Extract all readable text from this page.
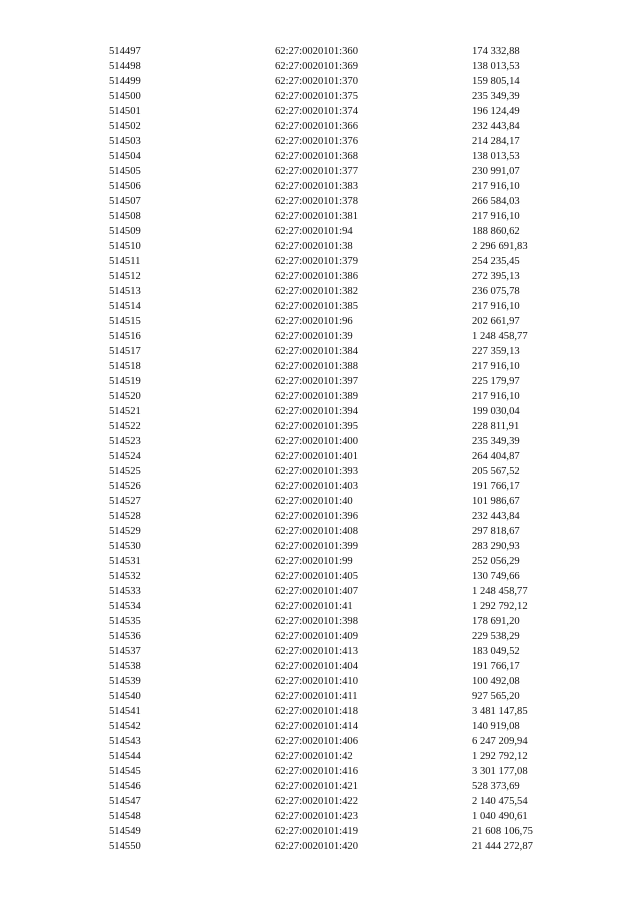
514497	62:27:0020101:360	174 332,88
514498	62:27:0020101:369	138 013,53
514499	62:27:0020101:370	159 805,14
514500	62:27:0020101:375	235 349,39
514501	62:27:0020101:374	196 124,49
514502	62:27:0020101:366	232 443,84
514503	62:27:0020101:376	214 284,17
514504	62:27:0020101:368	138 013,53
514505	62:27:0020101:377	230 991,07
514506	62:27:0020101:383	217 916,10
514507	62:27:0020101:378	266 584,03
514508	62:27:0020101:381	217 916,10
514509	62:27:0020101:94	188 860,62
514510	62:27:0020101:38	2 296 691,83
514511	62:27:0020101:379	254 235,45
514512	62:27:0020101:386	272 395,13
514513	62:27:0020101:382	236 075,78
514514	62:27:0020101:385	217 916,10
514515	62:27:0020101:96	202 661,97
514516	62:27:0020101:39	1 248 458,77
514517	62:27:0020101:384	227 359,13
514518	62:27:0020101:388	217 916,10
514519	62:27:0020101:397	225 179,97
514520	62:27:0020101:389	217 916,10
514521	62:27:0020101:394	199 030,04
514522	62:27:0020101:395	228 811,91
514523	62:27:0020101:400	235 349,39
514524	62:27:0020101:401	264 404,87
514525	62:27:0020101:393	205 567,52
514526	62:27:0020101:403	191 766,17
514527	62:27:0020101:40	101 986,67
514528	62:27:0020101:396	232 443,84
514529	62:27:0020101:408	297 818,67
514530	62:27:0020101:399	283 290,93
514531	62:27:0020101:99	252 056,29
514532	62:27:0020101:405	130 749,66
514533	62:27:0020101:407	1 248 458,77
514534	62:27:0020101:41	1 292 792,12
514535	62:27:0020101:398	178 691,20
514536	62:27:0020101:409	229 538,29
514537	62:27:0020101:413	183 049,52
514538	62:27:0020101:404	191 766,17
514539	62:27:0020101:410	100 492,08
514540	62:27:0020101:411	927 565,20
514541	62:27:0020101:418	3 481 147,85
514542	62:27:0020101:414	140 919,08
514543	62:27:0020101:406	6 247 209,94
514544	62:27:0020101:42	1 292 792,12
514545	62:27:0020101:416	3 301 177,08
514546	62:27:0020101:421	528 373,69
514547	62:27:0020101:422	2 140 475,54
514548	62:27:0020101:423	1 040 490,61
514549	62:27:0020101:419	21 608 106,75
514550	62:27:0020101:420	21 444 272,87
